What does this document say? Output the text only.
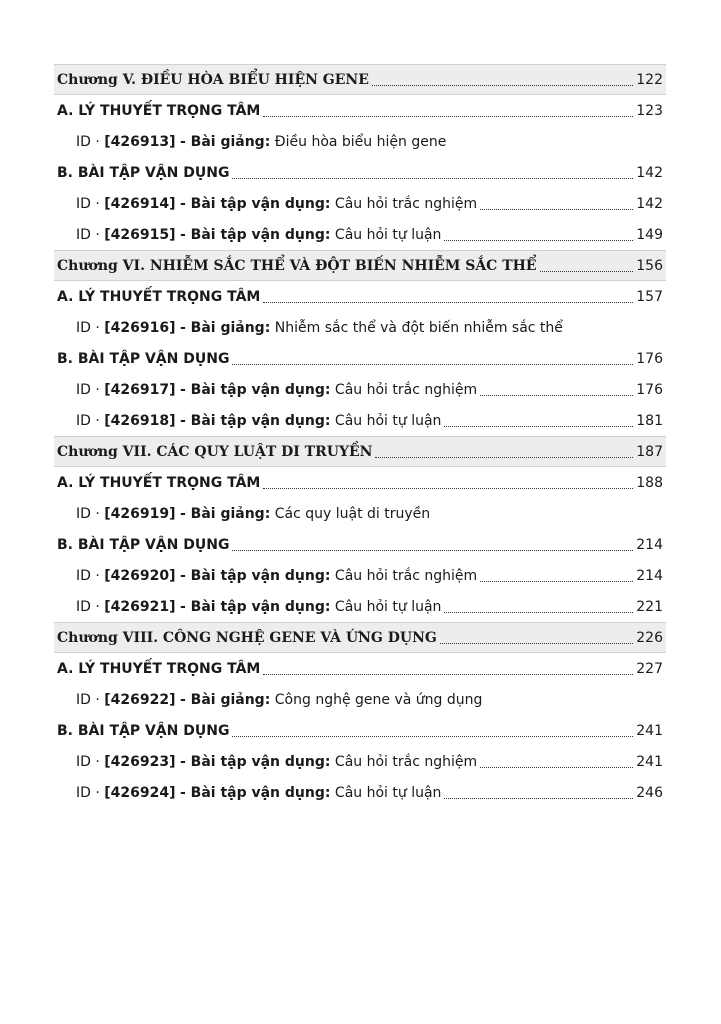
Chương V. ĐIỀU HÒA BIỂU HIỆN GENE	122
A. LÝ THUYẾT TRỌNG TÂM	123
ID · [426913] - Bài giảng: Điều hòa biểu hiện gene
B. BÀI TẬP VẬN DỤNG	142
ID · [426914] - Bài tập vận dụng: Câu hỏi trắc nghiệm	142
ID · [426915] - Bài tập vận dụng: Câu hỏi tự luận	149
Chương VI. NHIỄM SẮC THỂ VÀ ĐỘT BIẾN NHIỄM SẮC THỂ	156
A. LÝ THUYẾT TRỌNG TÂM	157
ID · [426916] - Bài giảng: Nhiễm sắc thể và đột biến nhiễm sắc thể
B. BÀI TẬP VẬN DỤNG	176
ID · [426917] - Bài tập vận dụng: Câu hỏi trắc nghiệm	176
ID · [426918] - Bài tập vận dụng: Câu hỏi tự luận	181
Chương VII. CÁC QUY LUẬT DI TRUYỀN	187
A. LÝ THUYẾT TRỌNG TÂM	188
ID · [426919] - Bài giảng: Các quy luật di truyền
B. BÀI TẬP VẬN DỤNG	214
ID · [426920] - Bài tập vận dụng: Câu hỏi trắc nghiệm	214
ID · [426921] - Bài tập vận dụng: Câu hỏi tự luận	221
Chương VIII. CÔNG NGHỆ GENE VÀ ỨNG DỤNG	226
A. LÝ THUYẾT TRỌNG TÂM	227
ID · [426922] - Bài giảng: Công nghệ gene và ứng dụng
B. BÀI TẬP VẬN DỤNG	241
ID · [426923] - Bài tập vận dụng: Câu hỏi trắc nghiệm	241
ID · [426924] - Bài tập vận dụng: Câu hỏi tự luận	246
